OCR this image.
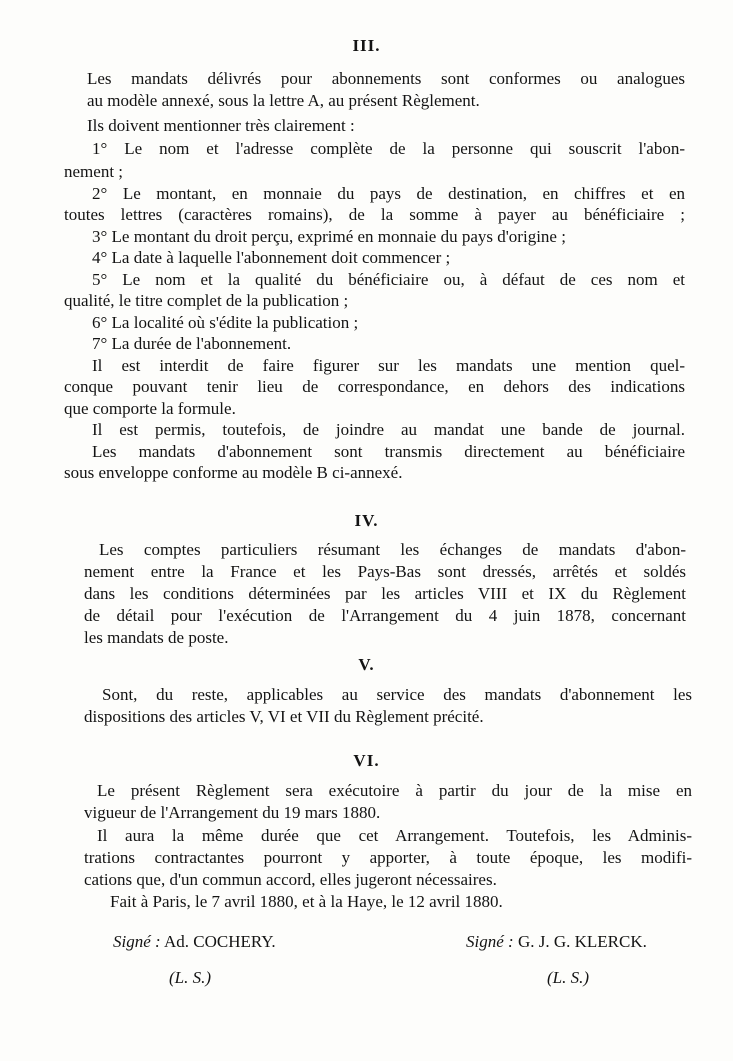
III.

Les mandats délivrés pour abonnements sont conformes ou analogues

au modèle annexé, sous la lettre A, au présent Règlement.

Ils doivent mentionner très clairement :

1° Le nom et l'adresse complète de la personne qui souscrit l'abon-

nement ;

2° Le montant, en monnaie du pays de destination, en chiffres et en

toutes lettres (caractères romains), de la somme à payer au bénéficiaire ;

3° Le montant du droit perçu, exprimé en monnaie du pays d'origine ;

4° La date à laquelle l'abonnement doit commencer ;

5° Le nom et la qualité du bénéficiaire ou, à défaut de ces nom et

qualité, le titre complet de la publication ;

6° La localité où s'édite la publication ;

7° La durée de l'abonnement.

Il est interdit de faire figurer sur les mandats une mention quel-

conque pouvant tenir lieu de correspondance, en dehors des indications

que comporte la formule.

Il est permis, toutefois, de joindre au mandat une bande de journal.

Les mandats d'abonnement sont transmis directement au bénéficiaire

sous enveloppe conforme au modèle B ci-annexé.

IV.

Les comptes particuliers résumant les échanges de mandats d'abon-

nement entre la France et les Pays-Bas sont dressés, arrêtés et soldés

dans les conditions déterminées par les articles VIII et IX du Règlement

de détail pour l'exécution de l'Arrangement du 4 juin 1878, concernant

les mandats de poste.

V.

Sont, du reste, applicables au service des mandats d'abonnement les

dispositions des articles V, VI et VII du Règlement précité.

VI.

Le présent Règlement sera exécutoire à partir du jour de la mise en

vigueur de l'Arrangement du 19 mars 1880.

Il aura la même durée que cet Arrangement. Toutefois, les Adminis-

trations contractantes pourront y apporter, à toute époque, les modifi-

cations que, d'un commun accord, elles jugeront nécessaires.

Fait à Paris, le 7 avril 1880, et à la Haye, le 12 avril 1880.

Signé : Ad. COCHERY.	Signé : G. J. G. KLERCK.
(L. S.)	(L. S.)
